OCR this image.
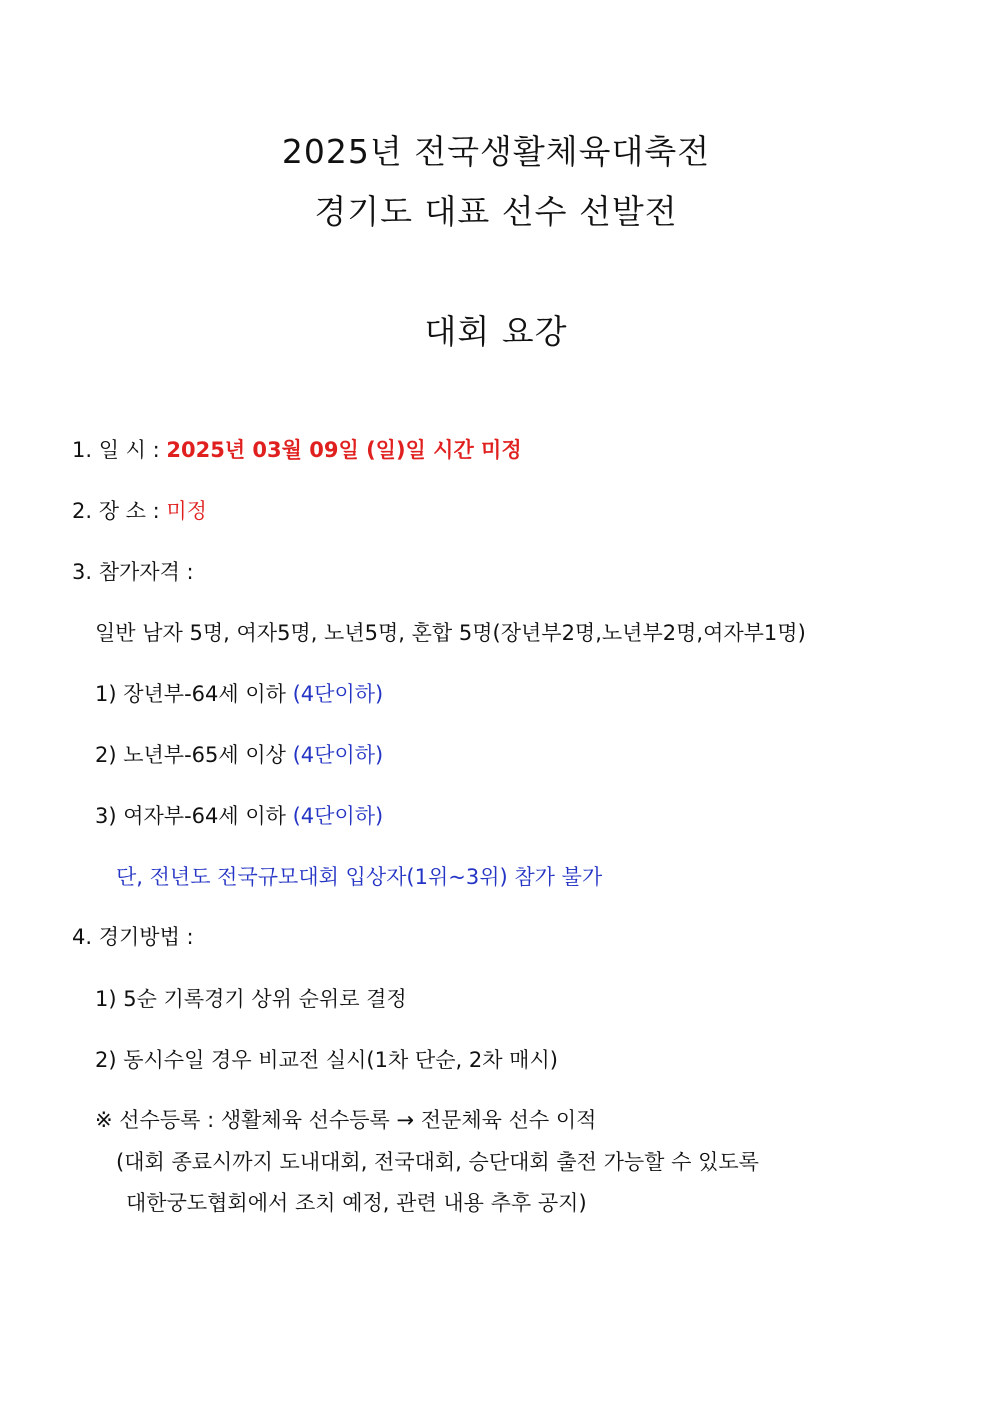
2025년 전국생활체육대축전
경기도 대표 선수 선발전
대회 요강
1. 일 시 : 2025년 03월 09일 (일)일 시간 미정
2. 장 소 : 미정
3. 참가자격 :
일반 남자 5명, 여자5명, 노년5명, 혼합 5명(장년부2명,노년부2명,여자부1명)
1) 장년부-64세 이하 (4단이하)
2) 노년부-65세 이상 (4단이하)
3) 여자부-64세 이하 (4단이하)
단, 전년도 전국규모대회 입상자(1위~3위) 참가 불가
4. 경기방법 :
1) 5순 기록경기 상위 순위로 결정
2) 동시수일 경우 비교전 실시(1차 단순, 2차 매시)
※ 선수등록 : 생활체육 선수등록 → 전문체육 선수 이적
(대회 종료시까지 도내대회, 전국대회, 승단대회 출전 가능할 수 있도록
대한궁도협회에서 조치 예정, 관련 내용 추후 공지)
